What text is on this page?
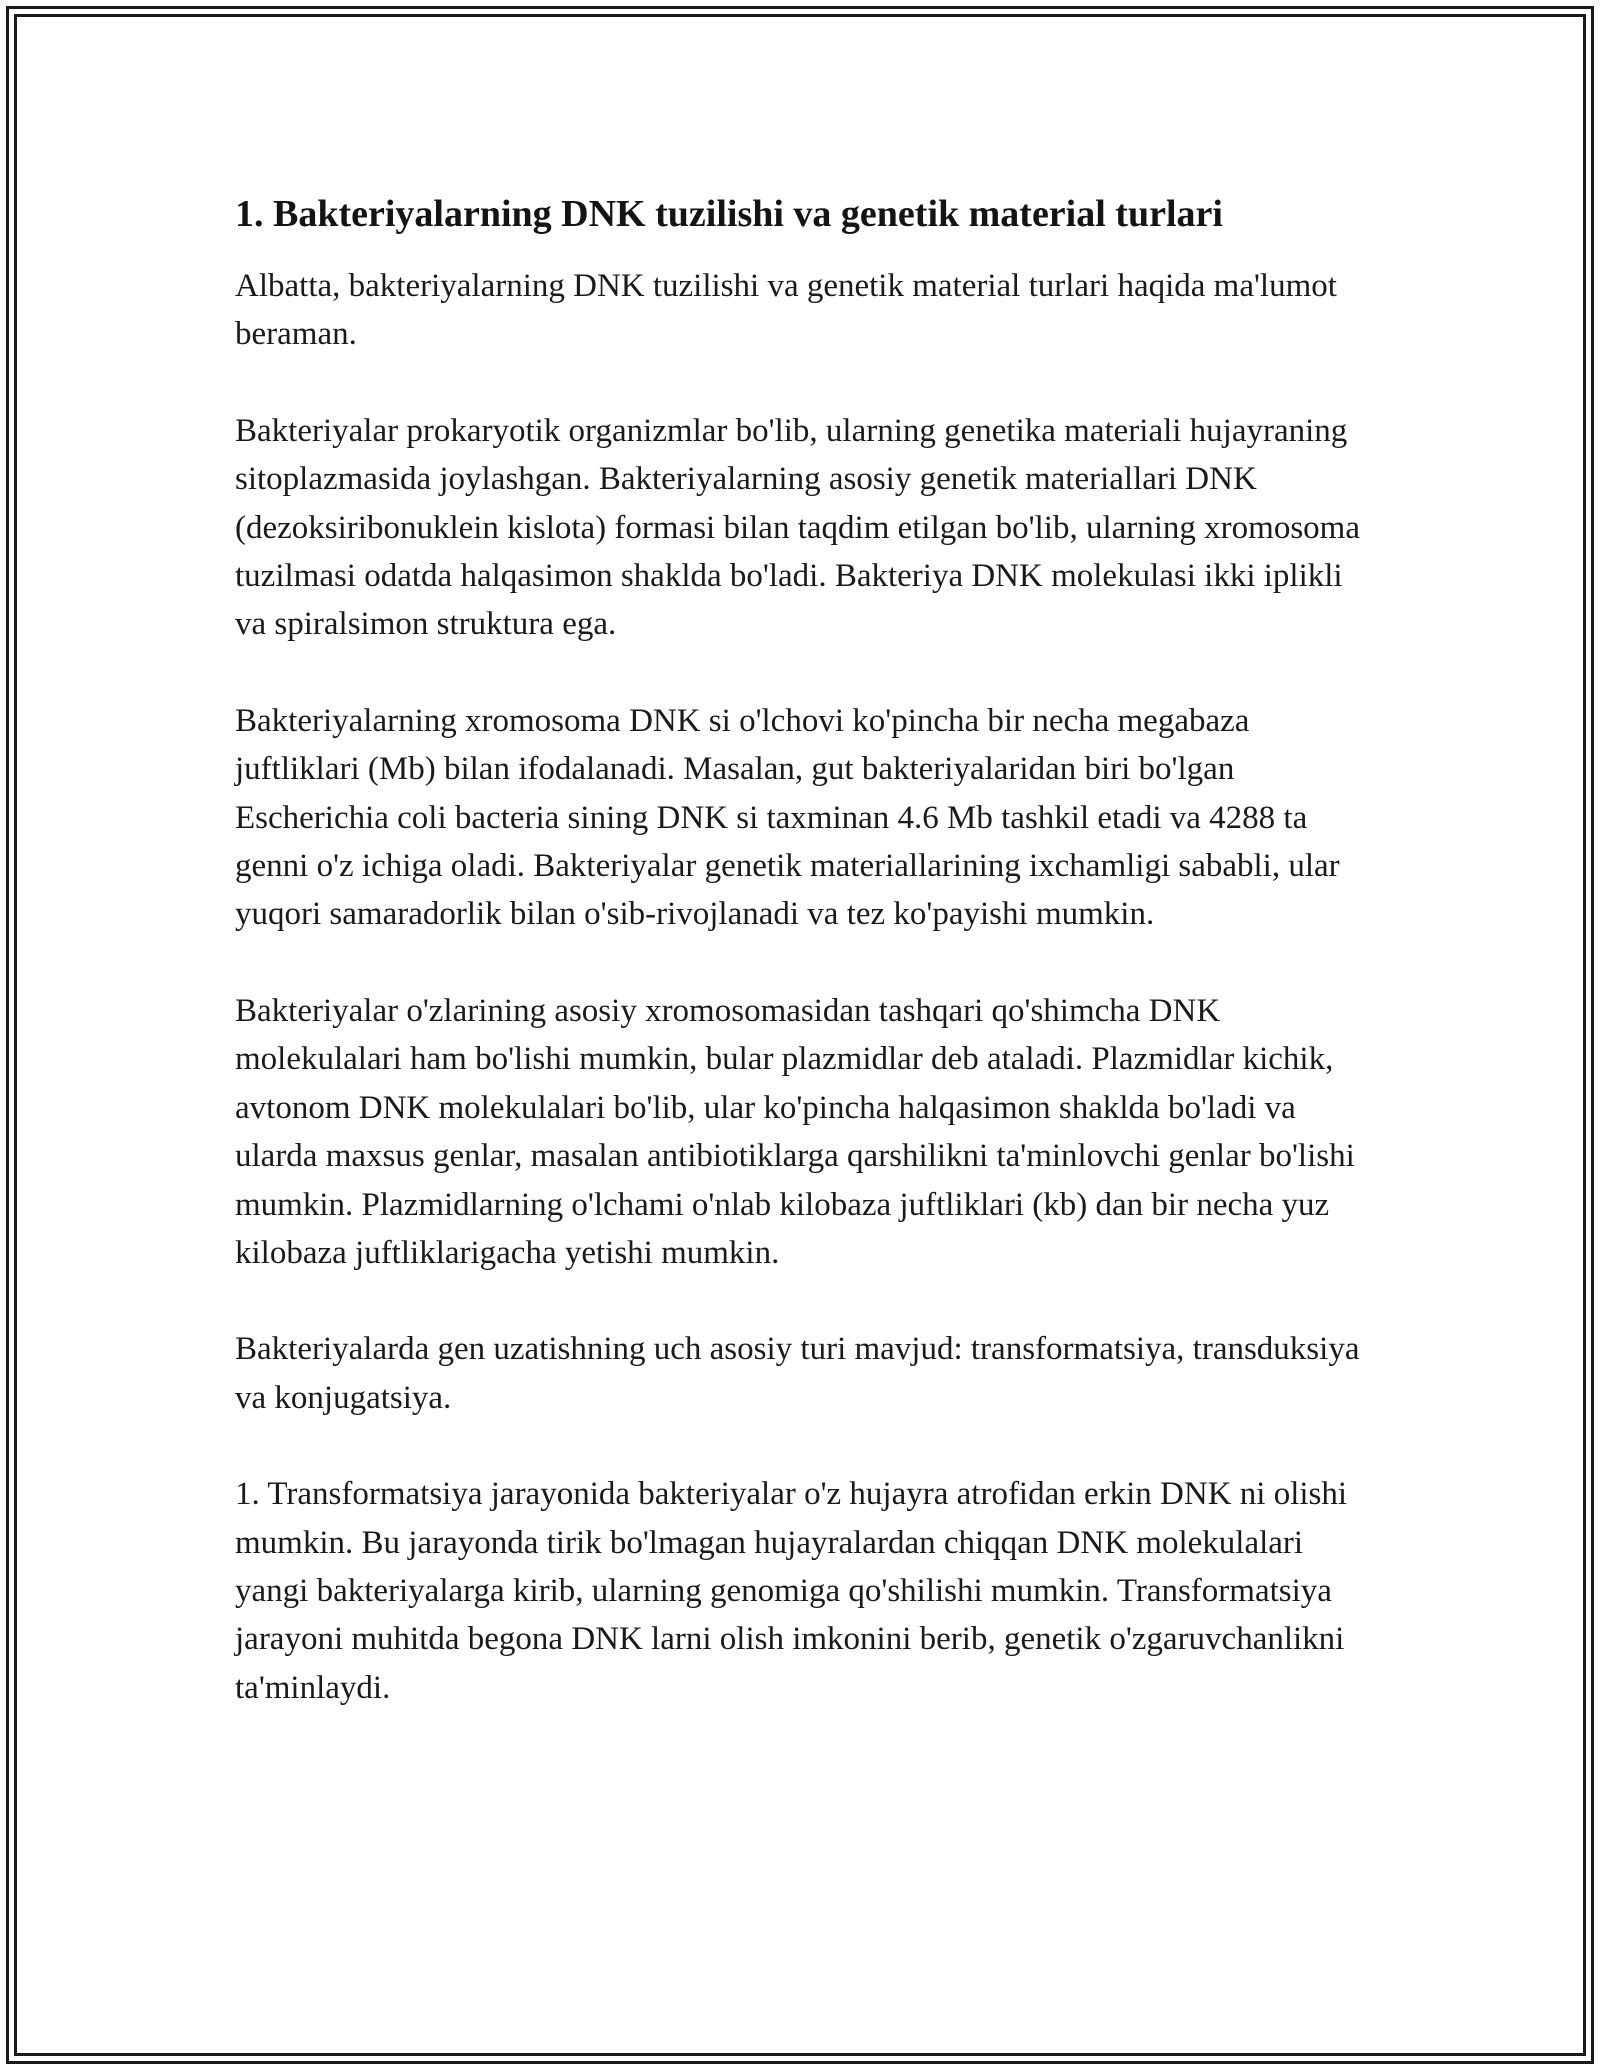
1. Bakteriyalarning DNK tuzilishi va genetik material turlari

Albatta, bakteriyalarning DNK tuzilishi va genetik material turlari haqida ma'lumot beraman.

Bakteriyalar prokaryotik organizmlar bo'lib, ularning genetika materiali hujayraning sitoplazmasida joylashgan. Bakteriyalarning asosiy genetik materiallari DNK (dezoksiribonuklein kislota) formasi bilan taqdim etilgan bo'lib, ularning xromosoma tuzilmasi odatda halqasimon shaklda bo'ladi. Bakteriya DNK molekulasi ikki iplikli va spiralsimon struktura ega.

Bakteriyalarning xromosoma DNK si o'lchovi ko'pincha bir necha megabaza juftliklari (Mb) bilan ifodalanadi. Masalan, gut bakteriyalaridan biri bo'lgan Escherichia coli bacteria sining DNK si taxminan 4.6 Mb tashkil etadi va 4288 ta genni o'z ichiga oladi. Bakteriyalar genetik materiallarining ixchamligi sababli, ular yuqori samaradorlik bilan o'sib-rivojlanadi va tez ko'payishi mumkin.

Bakteriyalar o'zlarining asosiy xromosomasidan tashqari qo'shimcha DNK molekulalari ham bo'lishi mumkin, bular plazmidlar deb ataladi. Plazmidlar kichik, avtonom DNK molekulalari bo'lib, ular ko'pincha halqasimon shaklda bo'ladi va ularda maxsus genlar, masalan antibiotiklarga qarshilikni ta'minlovchi genlar bo'lishi mumkin. Plazmidlarning o'lchami o'nlab kilobaza juftliklari (kb) dan bir necha yuz kilobaza juftliklarigacha yetishi mumkin.

Bakteriyalarda gen uzatishning uch asosiy turi mavjud: transformatsiya, transduksiya va konjugatsiya.

1. Transformatsiya jarayonida bakteriyalar o'z hujayra atrofidan erkin DNK ni olishi mumkin. Bu jarayonda tirik bo'lmagan hujayralardan chiqqan DNK molekulalari yangi bakteriyalarga kirib, ularning genomiga qo'shilishi mumkin. Transformatsiya jarayoni muhitda begona DNK larni olish imkonini berib, genetik o'zgaruvchanlikni ta'minlaydi.
